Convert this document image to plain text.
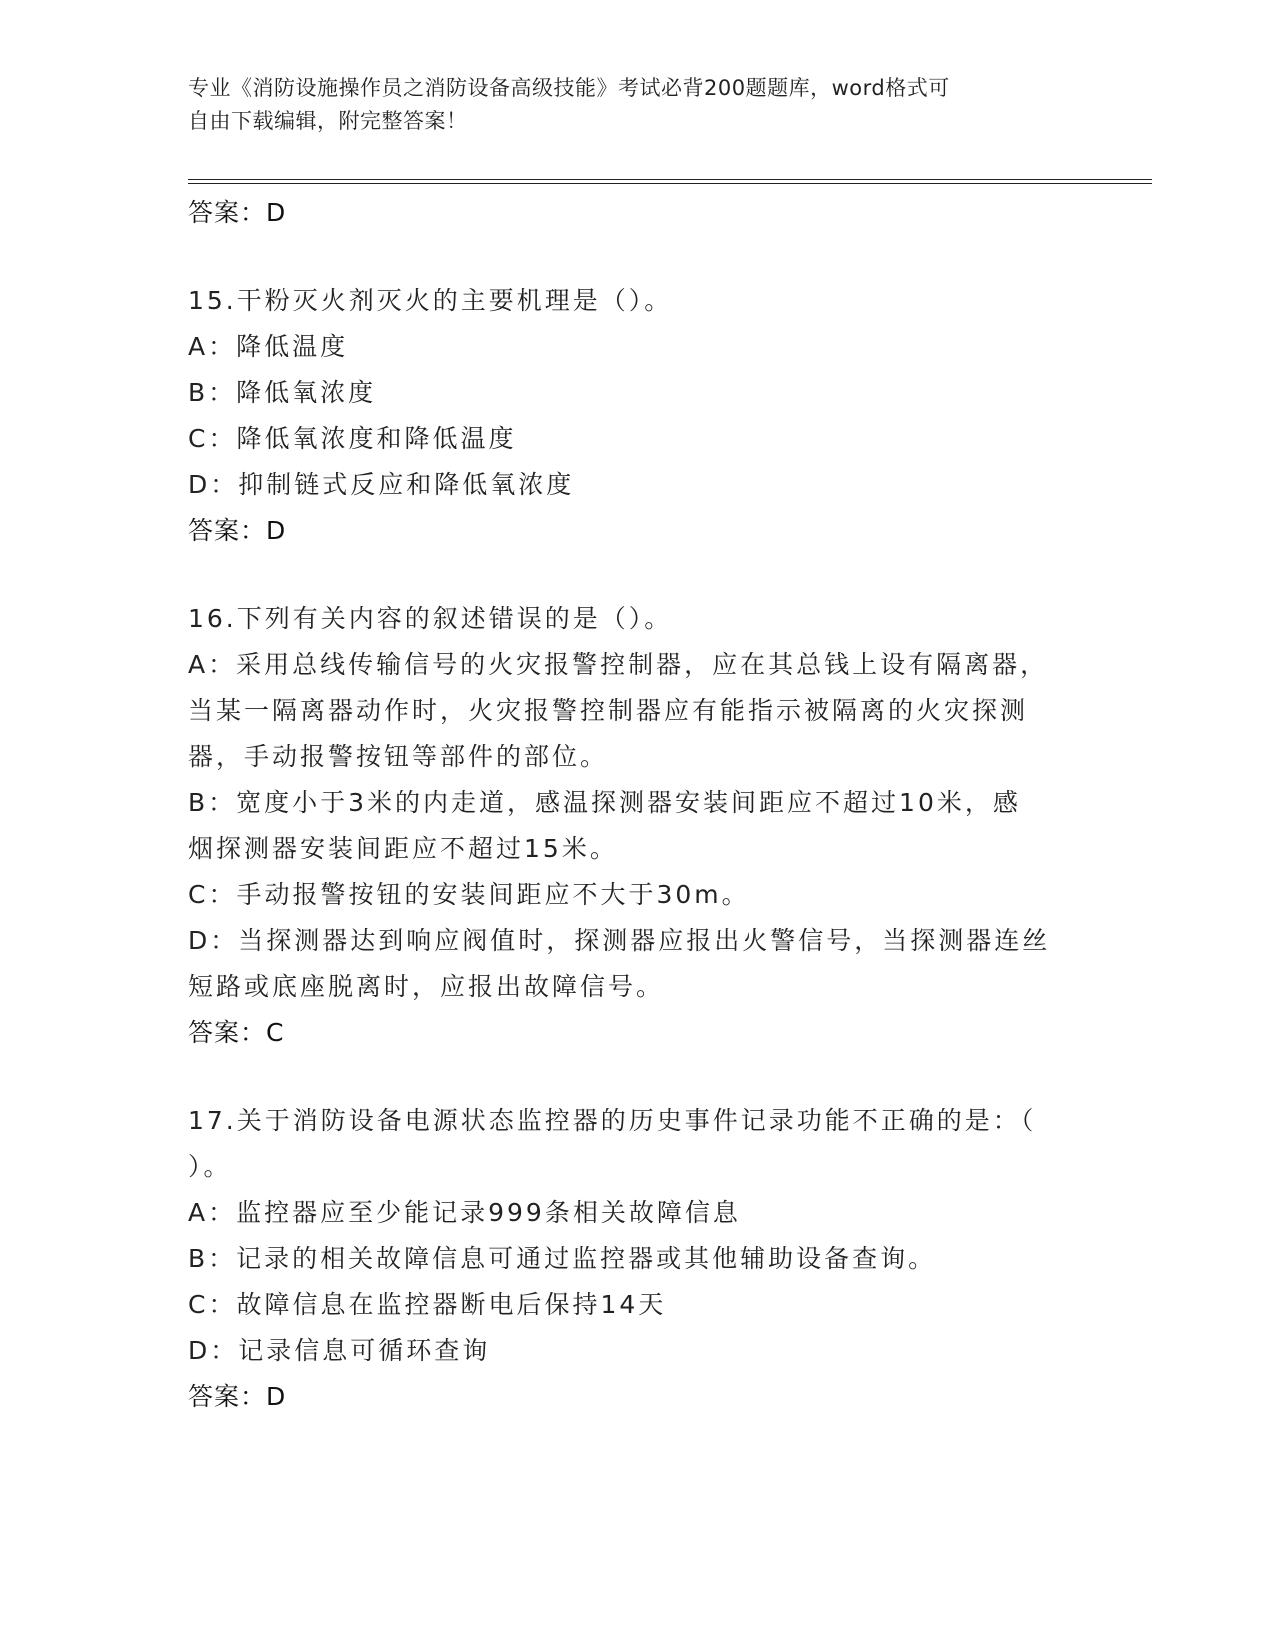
专业《消防设施操作员之消防设备高级技能》考试必背200题题库，word格式可
自由下载编辑，附完整答案！
答案：D
15.干粉灭火剂灭火的主要机理是（）。
A：降低温度
B：降低氧浓度
C：降低氧浓度和降低温度
D：抑制链式反应和降低氧浓度
答案：D
16.下列有关内容的叙述错误的是（）。
A：采用总线传输信号的火灾报警控制器，应在其总钱上设有隔离器，
当某一隔离器动作时，火灾报警控制器应有能指示被隔离的火灾探测
器，手动报警按钮等部件的部位。
B：宽度小于3米的内走道，感温探测器安装间距应不超过10米，感
烟探测器安装间距应不超过15米。
C：手动报警按钮的安装间距应不大于30m。
D：当探测器达到响应阀值时，探测器应报出火警信号，当探测器连丝
短路或底座脱离时，应报出故障信号。
答案：C
17.关于消防设备电源状态监控器的历史事件记录功能不正确的是：（
）。
A：监控器应至少能记录999条相关故障信息
B：记录的相关故障信息可通过监控器或其他辅助设备查询。
C：故障信息在监控器断电后保持14天
D：记录信息可循环查询
答案：D
